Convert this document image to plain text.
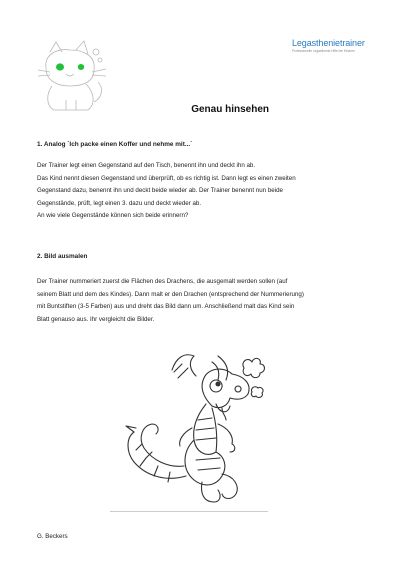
Legasthenietrainer
Professionelle Legasthenie-Hilfe bei Kindern
Genau hinsehen
1. Analog ´Ich packe einen Koffer und nehme mit...´
Der Trainer legt einen Gegenstand auf den Tisch, benennt ihn und deckt ihn ab.
Das Kind nennt diesen Gegenstand und überprüft, ob es richtig ist. Dann legt es einen zweiten
Gegenstand dazu, benennt ihn und deckt beide wieder ab. Der Trainer benennt nun beide
Gegenstände, prüft, legt einen 3. dazu und deckt wieder ab.
An wie viele Gegenstände können sich beide erinnern?
2. Bild ausmalen
Der Trainer nummeriert zuerst die Flächen des Drachens, die ausgemalt werden sollen (auf
seinem Blatt und dem des Kindes). Dann malt er den Drachen (entsprechend der Nummerierung)
mit Buntstiften (3-5 Farben) aus und dreht das Bild dann um. Anschließend malt das Kind sein
Blatt genauso aus. Ihr vergleicht die Bilder.
G. Beckers
